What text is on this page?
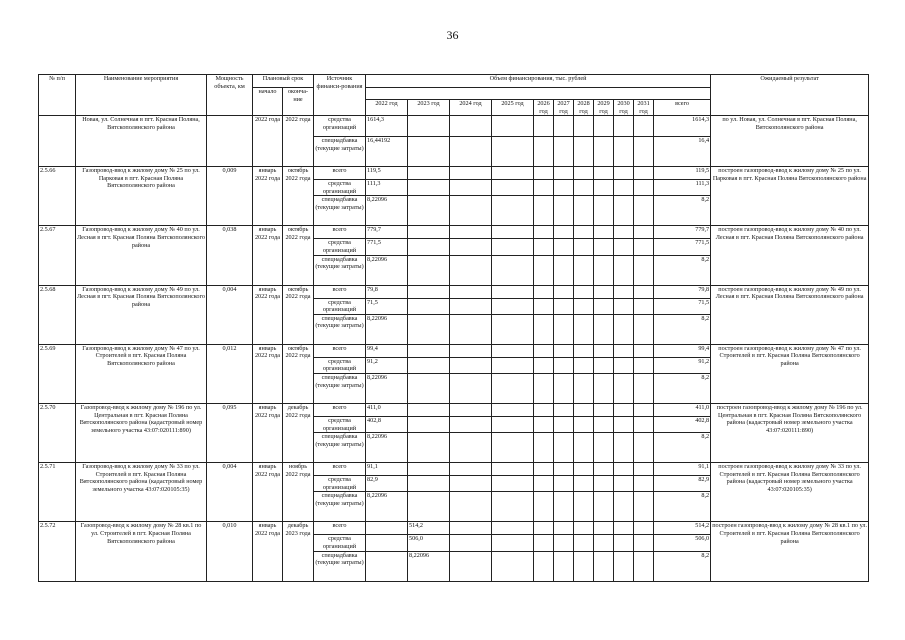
36
№ п/п	Наименование мероприятия	Мощность объекта, км	Плановый срок		Источник финанси-рования	Объем финансирования, тыс. рублей											Ожидаемый результат
			начало	оконча-ние													
						2022 год	2023 год	2024 год	2025 год	2026 год	2027 год	2028 год	2029 год	2030 год	2031 год	всего	
	Новая, ул. Солнечная в пгт. Красная Поляна, Вятскополянского района		2022 года	2022 года	средства организаций	1614,3										1614,3	по ул. Новая, ул. Солнечная в пгт. Красная Поляна, Вятскополянского района
					спецнадбавка (текущие затраты)	16,44192										16,4	
2.5.66	Газопровод-ввод к жилому дому № 25 по ул. Парковая в пгт. Красная Поляна Вятскополянского района	0,009	январь 2022 года	октябрь 2022 года	всего	119,5										119,5	построен газопровод-ввод к жилому дому № 25 по ул. Парковая в пгт. Красная Поляна Вятскополянского района
					средства организаций	111,3										111,3	
					спецнадбавка (текущие затраты)	8,22096										8,2	
2.5.67	Газопровод-ввод к жилому дому № 40 по ул. Лесная в пгт. Красная Поляна Вятскополянского района	0,038	январь 2022 года	октябрь 2022 года	всего	779,7										779,7	построен газопровод-ввод к жилому дому № 40 по ул. Лесная в пгт. Красная Поляна Вятскополянского района
					средства организаций	771,5										771,5	
					спецнадбавка (текущие затраты)	8,22096										8,2	
2.5.68	Газопровод-ввод к жилому дому № 49 по ул. Лесная в пгт. Красная Поляна Вятскополянского района	0,004	январь 2022 года	октябрь 2022 года	всего	79,8										79,8	построен газопровод-ввод к жилому дому № 49 по ул. Лесная в пгт. Красная Поляна Вятскополянского района
					средства организаций	71,5										71,5	
					спецнадбавка (текущие затраты)	8,22096										8,2	
2.5.69	Газопровод-ввод к жилому дому № 47 по ул. Строителей в пгт. Красная Поляна Вятскополянского района	0,012	январь 2022 года	октябрь 2022 года	всего	99,4										99,4	построен газопровод-ввод к жилому дому № 47 по ул. Строителей в пгт. Красная Поляна Вятскополянского района
					средства организаций	91,2										91,2	
					спецнадбавка (текущие затраты)	8,22096										8,2	
2.5.70	Газопровод-ввод к жилому дому № 196 по ул. Центральная в пгт. Красная Поляна Вятскополянского района (кадастровый номер земельного участка 43:07:020111:890)	0,095	январь 2022 года	декабрь 2022 года	всего	411,0										411,0	построен газопровод-ввод к жилому дому № 196 по ул. Центральная в пгт. Красная Поляна Вятскополянского района (кадастровый номер земельного участка 43:07:020111:890)
					средства организаций	402,8										402,8	
					спецнадбавка (текущие затраты)	8,22096										8,2	
2.5.71	Газопровод-ввод к жилому дому № 33 по ул. Строителей в пгт. Красная Поляна Вятскополянского района (кадастровый номер земельного участка 43:07:020105:35)	0,004	январь 2022 года	ноябрь 2022 года	всего	91,1										91,1	построен газопровод-ввод к жилому дому № 33 по ул. Строителей в пгт. Красная Поляна Вятскополянского района (кадастровый номер земельного участка 43:07:020105:35)
					средства организаций	82,9										82,9	
					спецнадбавка (текущие затраты)	8,22096										8,2	
2.5.72	Газопровод-ввод к жилому дому № 28 кв.1 по ул. Строителей в пгт. Красная Поляна Вятскополянского района	0,010	январь 2022 года	декабрь 2023 года	всего		514,2									514,2	построен газопровод-ввод к жилому дому № 28 кв.1 по ул. Строителей в пгт. Красная Поляна Вятскополянского района
					средства организаций		506,0									506,0	
					спецнадбавка (текущие затраты)		8,22096									8,2	
